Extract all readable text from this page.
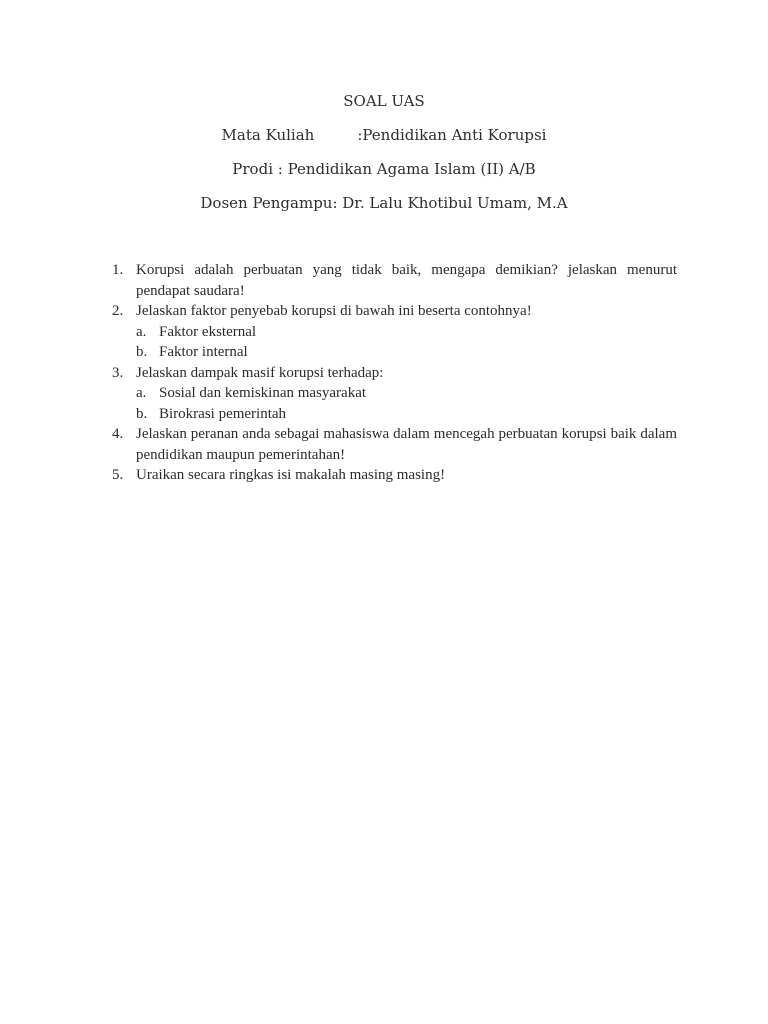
SOAL UAS
Mata Kuliah	:Pendidikan Anti Korupsi
Prodi : Pendidikan Agama Islam (II) A/B
Dosen Pengampu: Dr. Lalu Khotibul Umam, M.A
1. Korupsi adalah perbuatan yang tidak baik, mengapa demikian? jelaskan menurut
pendapat saudara!
2. Jelaskan faktor penyebab korupsi di bawah ini beserta contohnya!
a. Faktor eksternal
b. Faktor internal
3. Jelaskan dampak masif korupsi terhadap:
a. Sosial dan kemiskinan masyarakat
b. Birokrasi pemerintah
4. Jelaskan peranan anda sebagai mahasiswa dalam mencegah perbuatan korupsi baik dalam
pendidikan maupun pemerintahan!
5. Uraikan secara ringkas isi makalah masing masing!
